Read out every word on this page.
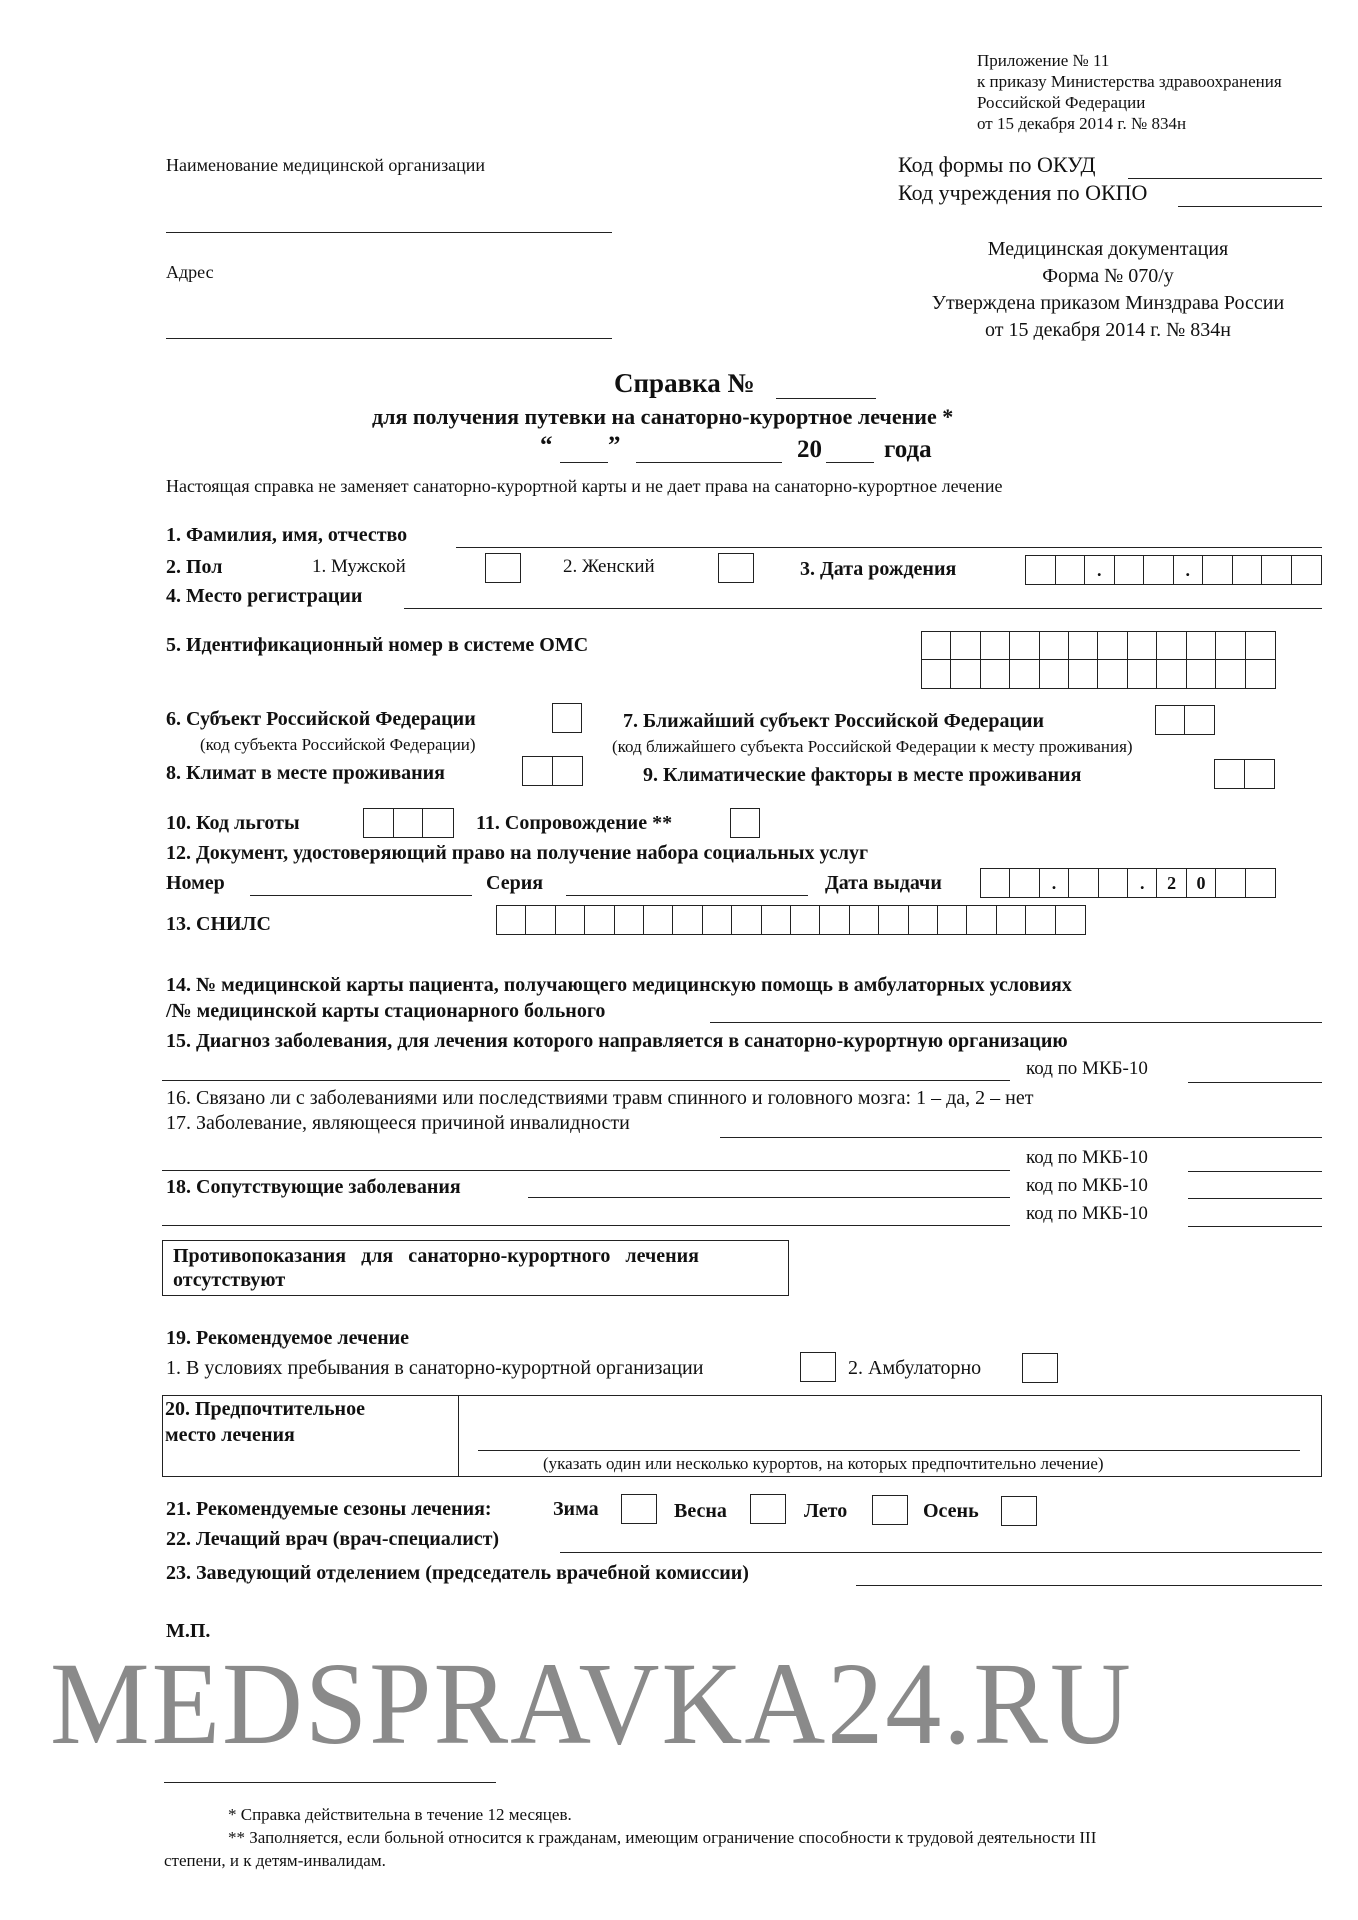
Приложение № 11
к приказу Министерства здравоохранения
Российской Федерации
от 15 декабря 2014 г. № 834н
Наименование медицинской организации
Адрес
Код формы по ОКУД
Код учреждения по ОКПО
Медицинская документация
Форма № 070/у
Утверждена приказом Минздрава России
от 15 декабря 2014 г. № 834н
Справка №
для получения путевки на санаторно-курортное лечение *
“ ”	20 года
Настоящая справка не заменяет санаторно-курортной карты и не дает права на санаторно-курортное лечение
1. Фамилия, имя, отчество
2. Пол	1. Мужской	2. Женский	3. Дата рождения	.	.
4. Место регистрации
5. Идентификационный номер в системе ОМС
6. Субъект Российской Федерации
(код субъекта Российской Федерации)
7. Ближайший субъект Российской Федерации
(код ближайшего субъекта Российской Федерации к месту проживания)
8. Климат в месте проживания	9. Климатические факторы в месте проживания
10. Код льготы	11. Сопровождение **
12. Документ, удостоверяющий право на получение набора социальных услуг
Номер	Серия	Дата выдачи	.	.	2	0
13. СНИЛС
14. № медицинской карты пациента, получающего медицинскую помощь в амбулаторных условиях
/№ медицинской карты стационарного больного
15. Диагноз заболевания, для лечения которого направляется в санаторно-курортную организацию
код по МКБ-10
16. Связано ли с заболеваниями или последствиями травм спинного и головного мозга: 1 – да, 2 – нет
17. Заболевание, являющееся причиной инвалидности
код по МКБ-10
18. Сопутствующие заболевания	код по МКБ-10
код по МКБ-10
Противопоказания для санаторно-курортного лечения
отсутствуют
19. Рекомендуемое лечение
1. В условиях пребывания в санаторно-курортной организации	2. Амбулаторно
20. Предпочтительное
место лечения
(указать один или несколько курортов, на которых предпочтительно лечение)
21. Рекомендуемые сезоны лечения:	Зима	Весна	Лето	Осень
22. Лечащий врач (врач-специалист)
23. Заведующий отделением (председатель врачебной комиссии)
М.П.
MEDSPRAVKA24.RU
* Справка действительна в течение 12 месяцев.
** Заполняется, если больной относится к гражданам, имеющим ограничение способности к трудовой деятельности III
степени, и к детям-инвалидам.
